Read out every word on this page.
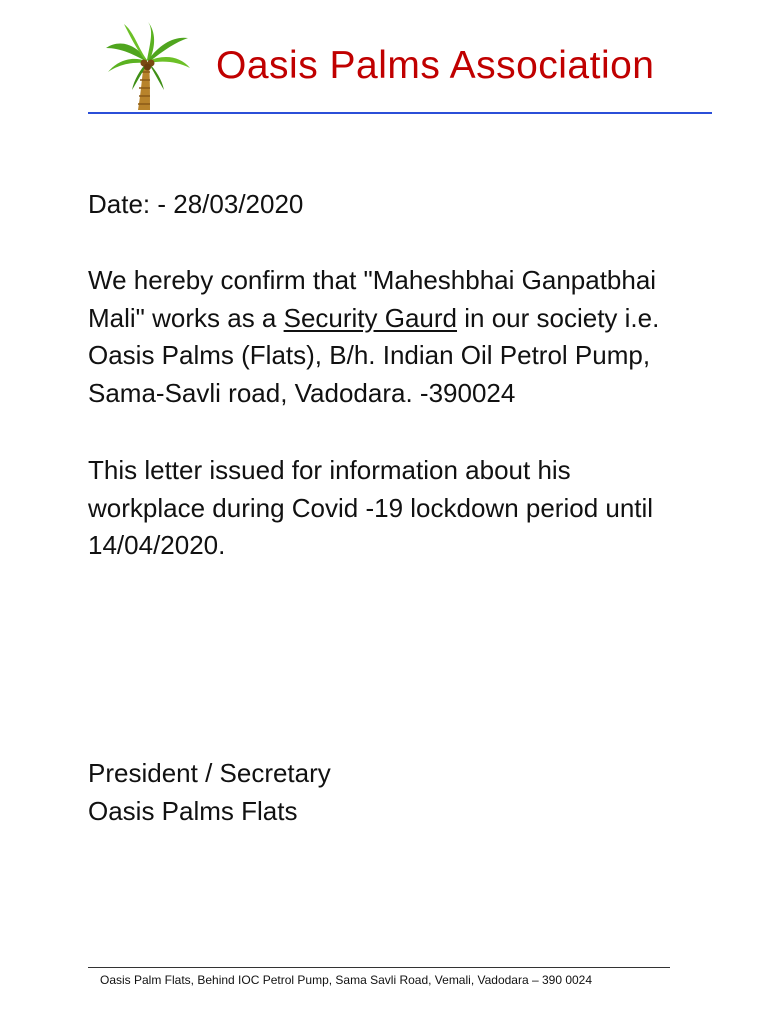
Oasis Palms Association
Date: - 28/03/2020
We hereby confirm that "Maheshbhai Ganpatbhai
Mali" works as a Security Gaurd in our society i.e.
Oasis Palms (Flats), B/h. Indian Oil Petrol Pump,
Sama-Savli road, Vadodara. -390024
This letter issued for information about his
workplace during Covid -19 lockdown period until
14/04/2020.
President / Secretary
Oasis Palms Flats
Oasis Palm Flats, Behind IOC Petrol Pump, Sama Savli Road, Vemali, Vadodara – 390 0024
